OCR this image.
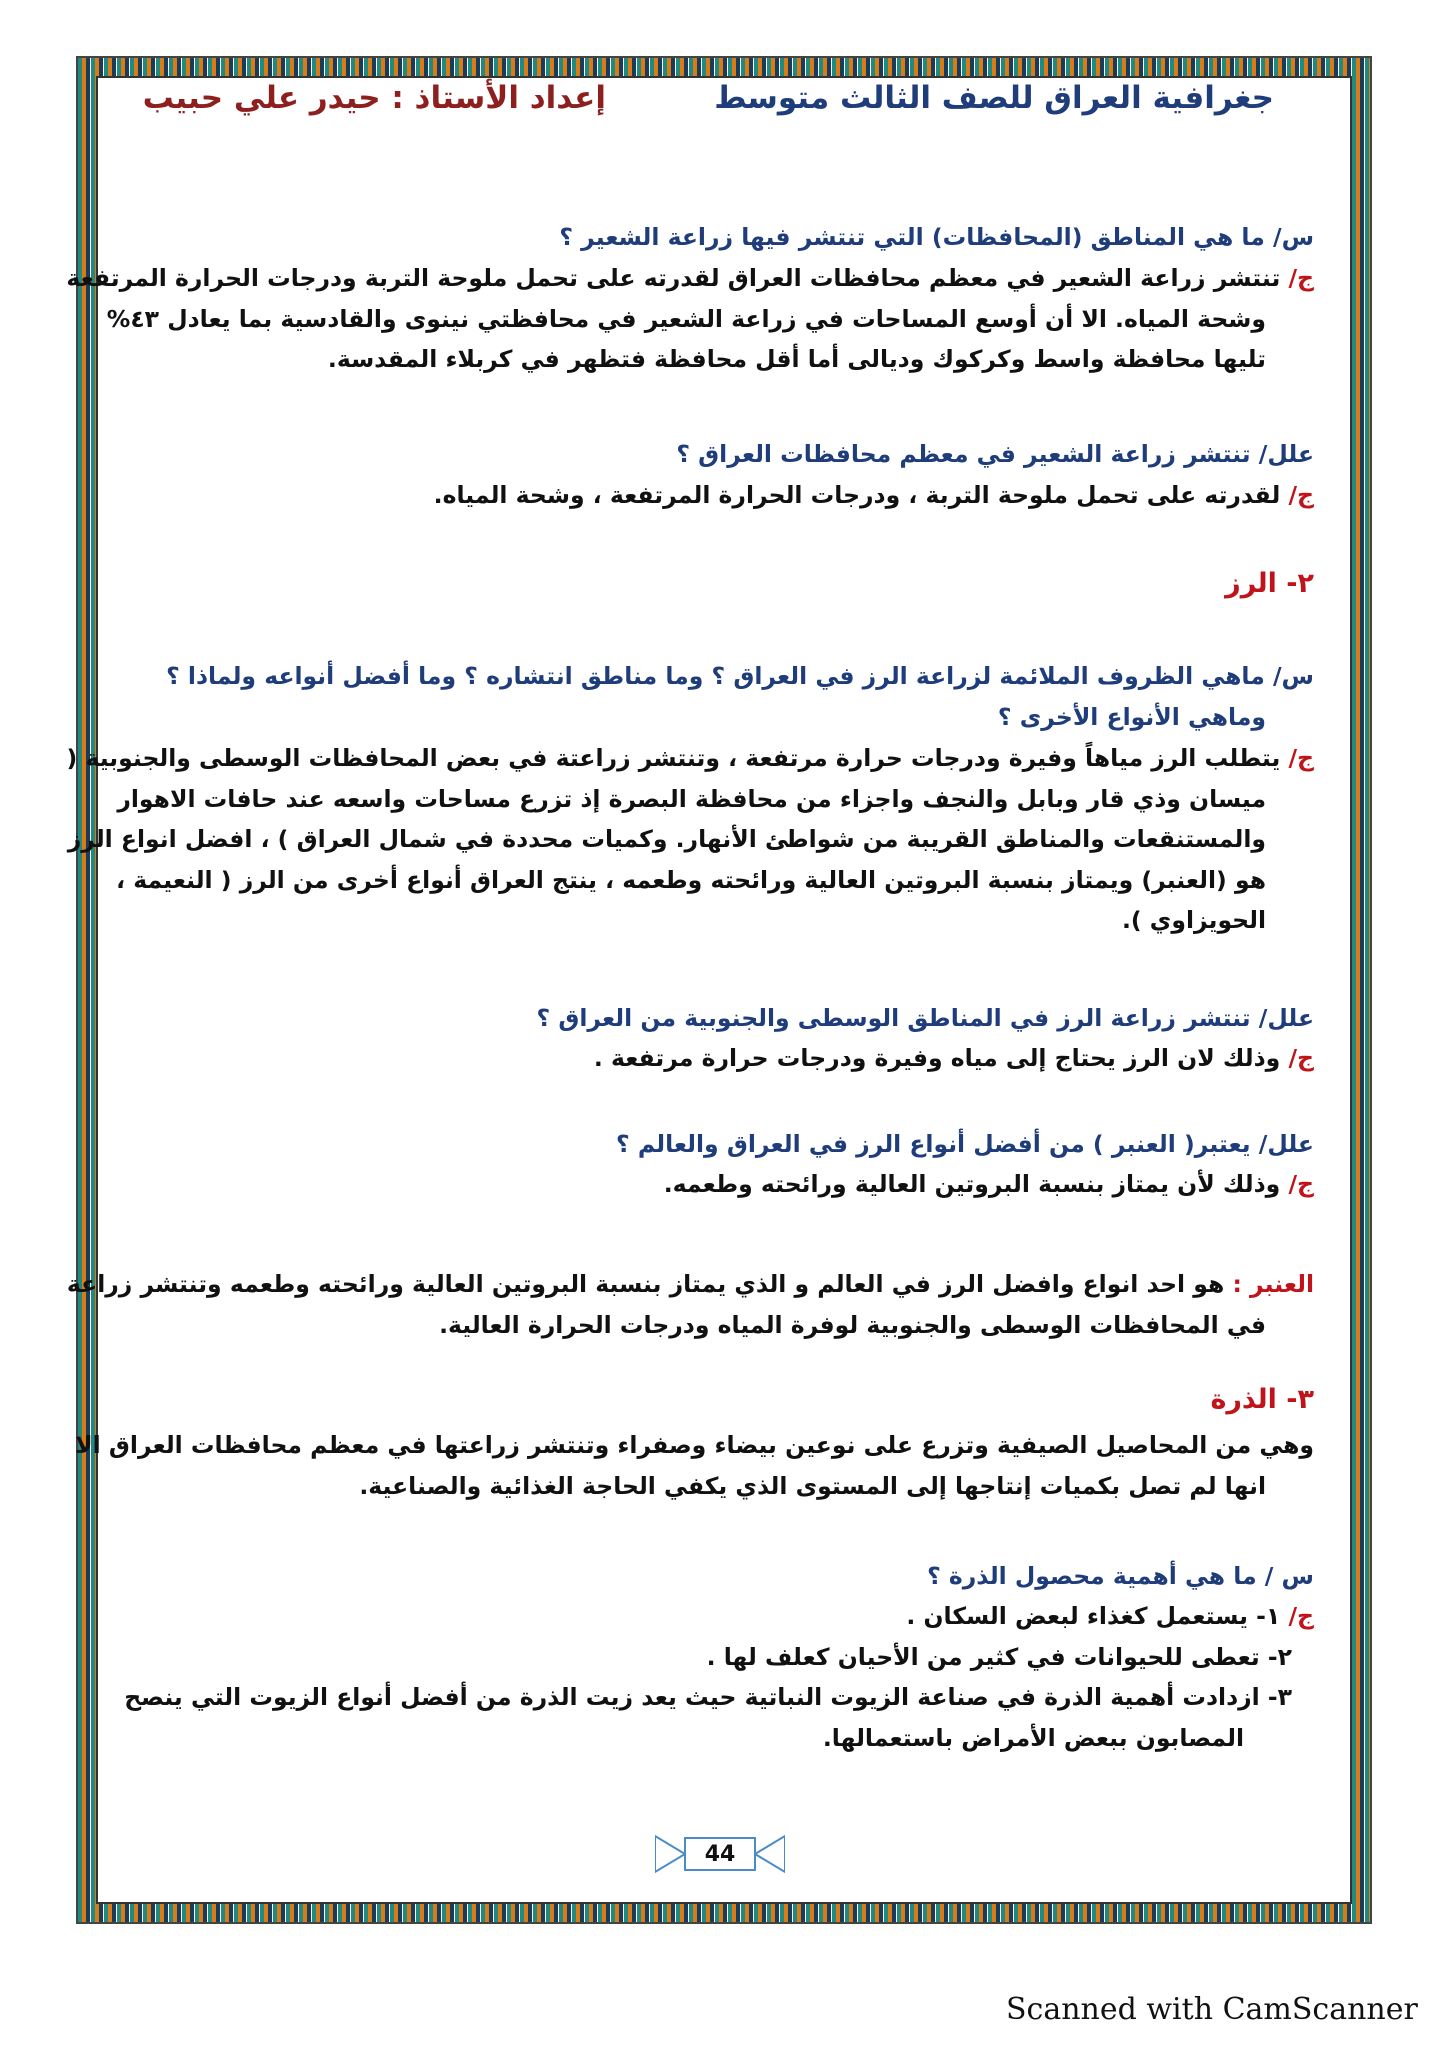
جغرافية العراق للصف الثالث متوسط
إعداد الأستاذ : حيدر علي حبيب
س/ ما هي المناطق (المحافظات) التي تنتشر فيها زراعة الشعير ؟
ج/ تنتشر زراعة الشعير في معظم محافظات العراق لقدرته على تحمل ملوحة التربة ودرجات الحرارة المرتفعة وشحة المياه. الا أن أوسع المساحات في زراعة الشعير في محافظتي نينوى والقادسية بما يعادل ٤٣% تليها محافظة واسط وكركوك وديالى أما أقل محافظة فتظهر في كربلاء المقدسة.
علل/ تنتشر زراعة الشعير في معظم محافظات العراق ؟
ج/ لقدرته على تحمل ملوحة التربة ، ودرجات الحرارة المرتفعة ، وشحة المياه.
٢- الرز
س/ ماهي الظروف الملائمة لزراعة الرز في العراق ؟ وما مناطق انتشاره ؟ وما أفضل أنواعه ولماذا ؟
وماهي الأنواع الأخرى ؟
ج/ يتطلب الرز مياهاً وفيرة ودرجات حرارة مرتفعة ، وتنتشر زراعتة في بعض المحافظات الوسطى والجنوبية ( ميسان وذي قار وبابل والنجف واجزاء من محافظة البصرة إذ تزرع مساحات واسعه عند حافات الاهوار والمستنقعات والمناطق القريبة من شواطئ الأنهار. وكميات محددة في شمال العراق ) ، افضل انواع الرز هو (العنبر) ويمتاز بنسبة البروتين العالية ورائحته وطعمه ، ينتج العراق أنواع أخرى من الرز ( النعيمة ، الحويزاوي ).
علل/ تنتشر زراعة الرز في المناطق الوسطى والجنوبية من العراق ؟
ج/ وذلك لان الرز يحتاج إلى مياه وفيرة ودرجات حرارة مرتفعة .
علل/ يعتبر( العنبر ) من أفضل أنواع الرز في العراق والعالم ؟
ج/ وذلك لأن يمتاز بنسبة البروتين العالية ورائحته وطعمه.
العنبر : هو احد انواع وافضل الرز في العالم و الذي يمتاز بنسبة البروتين العالية ورائحته وطعمه وتنتشر زراعة في المحافظات الوسطى والجنوبية لوفرة المياه ودرجات الحرارة العالية.
٣- الذرة
وهي من المحاصيل الصيفية وتزرع على نوعين بيضاء وصفراء وتنتشر زراعتها في معظم محافظات العراق الا انها لم تصل بكميات إنتاجها إلى المستوى الذي يكفي الحاجة الغذائية والصناعية.
س / ما هي أهمية محصول الذرة ؟
ج/ ١- يستعمل كغذاء لبعض السكان .
٢- تعطى للحيوانات في كثير من الأحيان كعلف لها .
٣- ازدادت أهمية الذرة في صناعة الزيوت النباتية حيث يعد زيت الذرة من أفضل أنواع الزيوت التي ينصح المصابون ببعض الأمراض باستعمالها.
44
Scanned with CamScanner
